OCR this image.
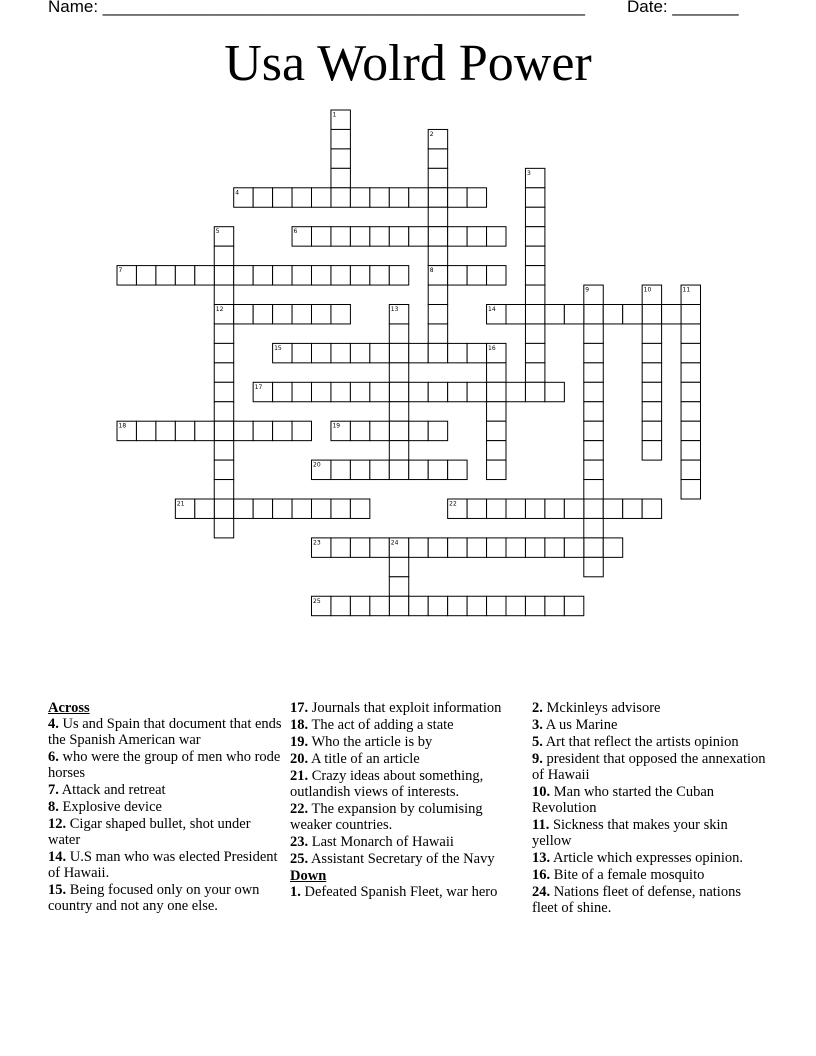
Name: ___________________________________________________ Date: _______
Usa Wolrd Power
1
2
3
4
5	6
7	8
9	10	11
12	13	14
15	16
17
18	19
20
21	22
23	24
25
Across
4. Us and Spain that document that ends the Spanish American war
6. who were the group of men who rode horses
7. Attack and retreat
8. Explosive device
12. Cigar shaped bullet, shot under water
14. U.S man who was elected President of Hawaii.
15. Being focused only on your own country and not any one else.
17. Journals that exploit information
18. The act of adding a state
19. Who the article is by
20. A title of an article
21. Crazy ideas about something, outlandish views of interests.
22. The expansion by columising weaker countries.
23. Last Monarch of Hawaii
25. Assistant Secretary of the Navy
Down
1. Defeated Spanish Fleet, war hero
2. Mckinleys advisore
3. A us Marine
5. Art that reflect the artists opinion
9. president that opposed the annexation of Hawaii
10. Man who started the Cuban Revolution
11. Sickness that makes your skin yellow
13. Article which expresses opinion.
16. Bite of a female mosquito
24. Nations fleet of defense, nations fleet of shine.
